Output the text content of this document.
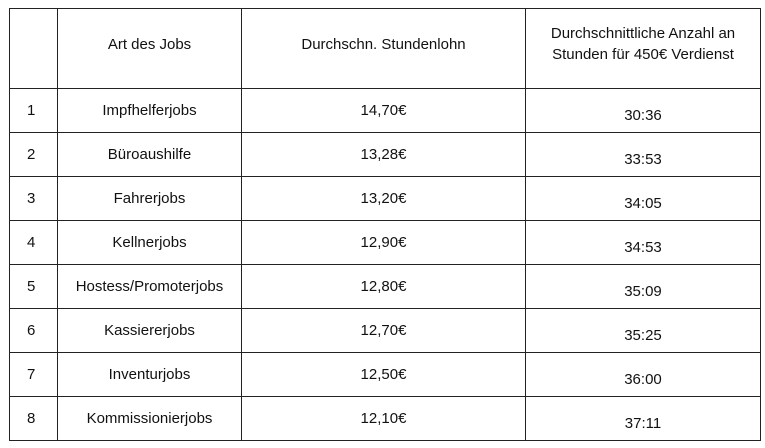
	Art des Jobs	Durchschn. Stundenlohn	Durchschnittliche Anzahl an Stunden für 450€ Verdienst

1	Impfhelferjobs	14,70€	30:36
2	Büroaushilfe	13,28€	33:53
3	Fahrerjobs	13,20€	34:05
4	Kellnerjobs	12,90€	34:53
5	Hostess/Promoterjobs	12,80€	35:09
6	Kassiererjobs	12,70€	35:25
7	Inventurjobs	12,50€	36:00
8	Kommissionierjobs	12,10€	37:11
